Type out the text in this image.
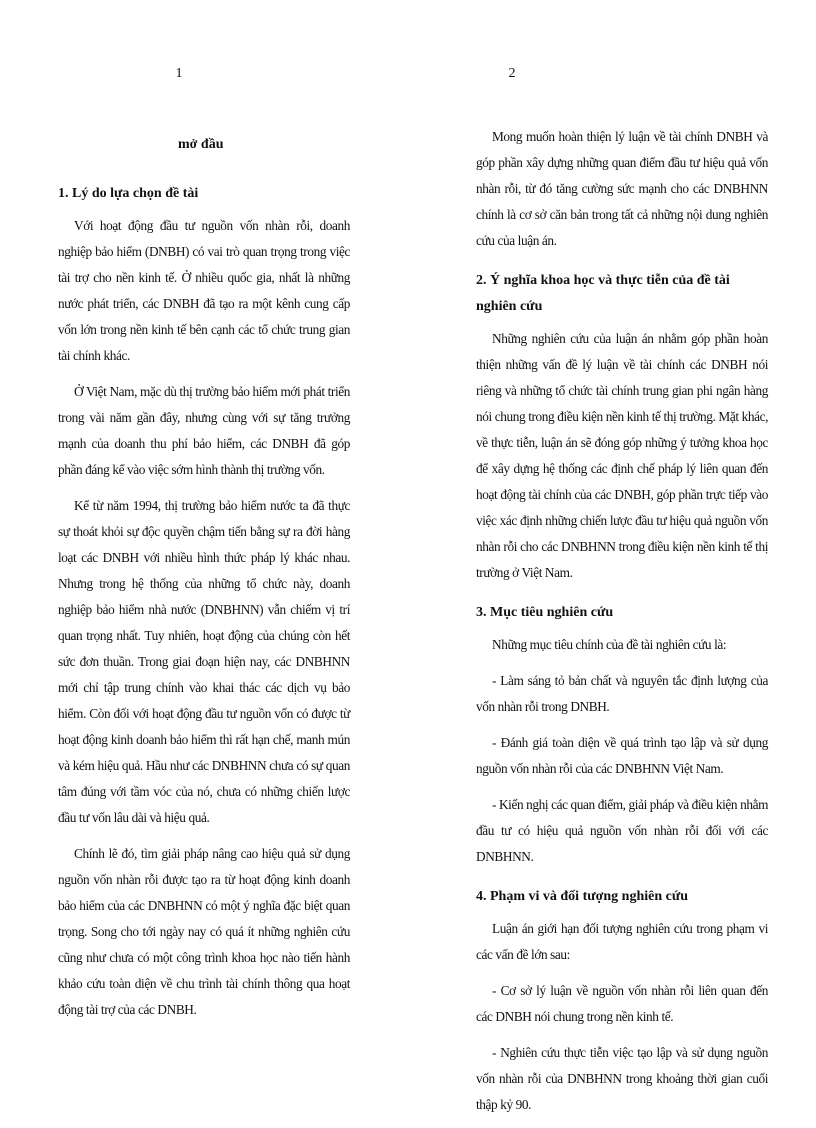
1
mở đầu
1. Lý do lựa chọn đề tài

Với hoạt động đầu tư nguồn vốn nhàn rỗi, doanh nghiệp bảo hiểm (DNBH) có vai trò quan trọng trong việc tài trợ cho nền kinh tế. Ở nhiều quốc gia, nhất là những nước phát triển, các DNBH đã tạo ra một kênh cung cấp vốn lớn trong nền kinh tế bên cạnh các tổ chức trung gian tài chính khác.

Ở Việt Nam, mặc dù thị trường bảo hiểm mới phát triển trong vài năm gần đây, nhưng cùng với sự tăng trưởng mạnh của doanh thu phí bảo hiểm, các DNBH đã góp phần đáng kể vào việc sớm hình thành thị trường vốn.

Kể từ năm 1994, thị trường bảo hiểm nước ta đã thực sự thoát khỏi sự độc quyền chậm tiến bằng sự ra đời hàng loạt các DNBH với nhiều hình thức pháp lý khác nhau. Nhưng trong hệ thống của những tổ chức này, doanh nghiệp bảo hiểm nhà nước (DNBHNN) vẫn chiếm vị trí quan trọng nhất. Tuy nhiên, hoạt động của chúng còn hết sức đơn thuần. Trong giai đoạn hiện nay, các DNBHNN mới chỉ tập trung chính vào khai thác các dịch vụ bảo hiểm. Còn đối với hoạt động đầu tư nguồn vốn có được từ hoạt động kinh doanh bảo hiểm thì rất hạn chế, manh mún và kém hiệu quả. Hầu như các DNBHNN chưa có sự quan tâm đúng với tầm vóc của nó, chưa có những chiến lược đầu tư vốn lâu dài và hiệu quả.

Chính lẽ đó, tìm giải pháp nâng cao hiệu quả sử dụng nguồn vốn nhàn rỗi được tạo ra từ hoạt động kinh doanh bảo hiểm của các DNBHNN có một ý nghĩa đặc biệt quan trọng. Song cho tới ngày nay có quá ít những nghiên cứu cũng như chưa có một công trình khoa học nào tiến hành khảo cứu toàn diện về chu trình tài chính thông qua hoạt động tài trợ của các DNBH.

2

Mong muốn hoàn thiện lý luận về tài chính DNBH và góp phần xây dựng những quan điểm đầu tư hiệu quả vốn nhàn rỗi, từ đó tăng cường sức mạnh cho các DNBHNN chính là cơ sở căn bản trong tất cả những nội dung nghiên cứu của luận án.

2. Ý nghĩa khoa học và thực tiễn của đề tài nghiên cứu

Những nghiên cứu của luận án nhằm góp phần hoàn thiện những vấn đề lý luận về tài chính các DNBH nói riêng và những tổ chức tài chính trung gian phi ngân hàng nói chung trong điều kiện nền kinh tế thị trường. Mặt khác, về thực tiễn, luận án sẽ đóng góp những ý tưởng khoa học để xây dựng hệ thống các định chế pháp lý liên quan đến hoạt động tài chính của các DNBH, góp phần trực tiếp vào việc xác định những chiến lược đầu tư hiệu quả nguồn vốn nhàn rỗi cho các DNBHNN trong điều kiện nền kinh tế thị trường ở Việt Nam.

3. Mục tiêu nghiên cứu

Những mục tiêu chính của đề tài nghiên cứu là:

- Làm sáng tỏ bản chất và nguyên tắc định lượng của vốn nhàn rỗi trong DNBH.

- Đánh giá toàn diện về quá trình tạo lập và sử dụng nguồn vốn nhàn rỗi của các DNBHNN Việt Nam.

- Kiến nghị các quan điểm, giải pháp và điều kiện nhằm đầu tư có hiệu quả nguồn vốn nhàn rỗi đối với các DNBHNN.

4. Phạm vi và đối tượng nghiên cứu

Luận án giới hạn đối tượng nghiên cứu trong phạm vi các vấn đề lớn sau:

- Cơ sở lý luận về nguồn vốn nhàn rỗi liên quan đến các DNBH nói chung trong nền kinh tế.

- Nghiên cứu thực tiễn việc tạo lập và sử dụng nguồn vốn nhàn rỗi của DNBHNN trong khoảng thời gian cuối thập kỷ 90.
